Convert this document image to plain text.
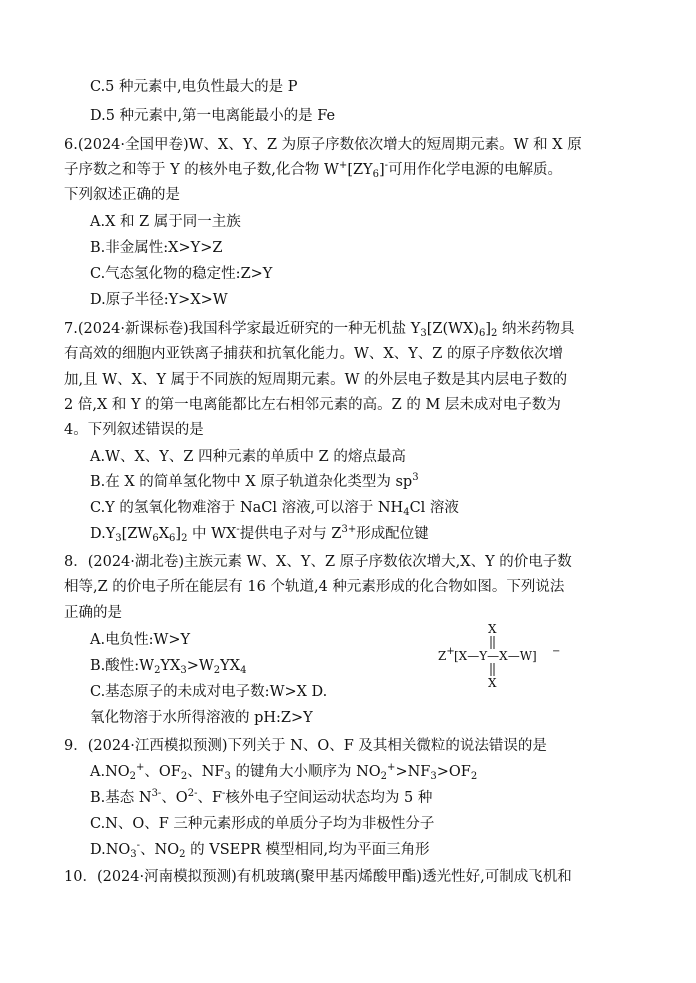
C.5 种元素中,电负性最大的是 P
D.5 种元素中,第一电离能最小的是 Fe
6.(2024·全国甲卷)W、X、Y、Z 为原子序数依次增大的短周期元素。W 和 X 原
子序数之和等于 Y 的核外电子数,化合物 $W^+[ZY_6]^-$可用作化学电源的电解质。
下列叙述正确的是
A.X 和 Z 属于同一主族
B.非金属性:X>Y>Z
C.气态氢化物的稳定性:Z>Y
D.原子半径:Y>X>W
7.(2024·新课标卷)我国科学家最近研究的一种无机盐 $Y_3[Z(WX)_6]_2$ 纳米药物具
有高效的细胞内亚铁离子捕获和抗氧化能力。W、X、Y、Z 的原子序数依次增
加,且 W、X、Y 属于不同族的短周期元素。W 的外层电子数是其内层电子数的
2 倍,X 和 Y 的第一电离能都比左右相邻元素的高。Z 的 M 层未成对电子数为
4。下列叙述错误的是
A.W、X、Y、Z 四种元素的单质中 Z 的熔点最高
B.在 X 的简单氢化物中 X 原子轨道杂化类型为 $sp^3$
C.Y 的氢氧化物难溶于 NaCl 溶液,可以溶于 $NH_4Cl$ 溶液
$D.Y_3[ZW_6X_6]_2$ 中 WX-提供电子对与 $Z^{3+}$形成配位键
8．(2024·湖北卷)主族元素 W、X、Y、Z 原子序数依次增大,X、Y 的价电子数
相等,Z 的价电子所在能层有 16 个轨道,4 种元素形成的化合物如图。下列说法
正确的是
A.电负性:W>Y
B.酸性$:W_2YX_3>W_2YX_4$
C.基态原子的未成对电子数:W>X D.
氧化物溶于水所得溶液的 pH:Z>Y
X
Z+ [X—Y—X—W] −
X
9．(2024·江西模拟预测)下列关于 N、O、F 及其相关微粒的说法错误的是
$A.NO_2^+$、$OF_2$、$NF_3$ 的键角大小顺序为 $NO_2^+>NF_3>OF_2$
B.基态 $N^{3-}$、$O^{2-}$、F-核外电子空间运动状态均为 5 种
C.N、O、F 三种元素形成的单质分子均为非极性分子
$D.NO_3^-$、$NO_2$ 的 VSEPR 模型相同,均为平面三角形
10．(2024·河南模拟预测)有机玻璃(聚甲基丙烯酸甲酯)透光性好,可制成飞机和
